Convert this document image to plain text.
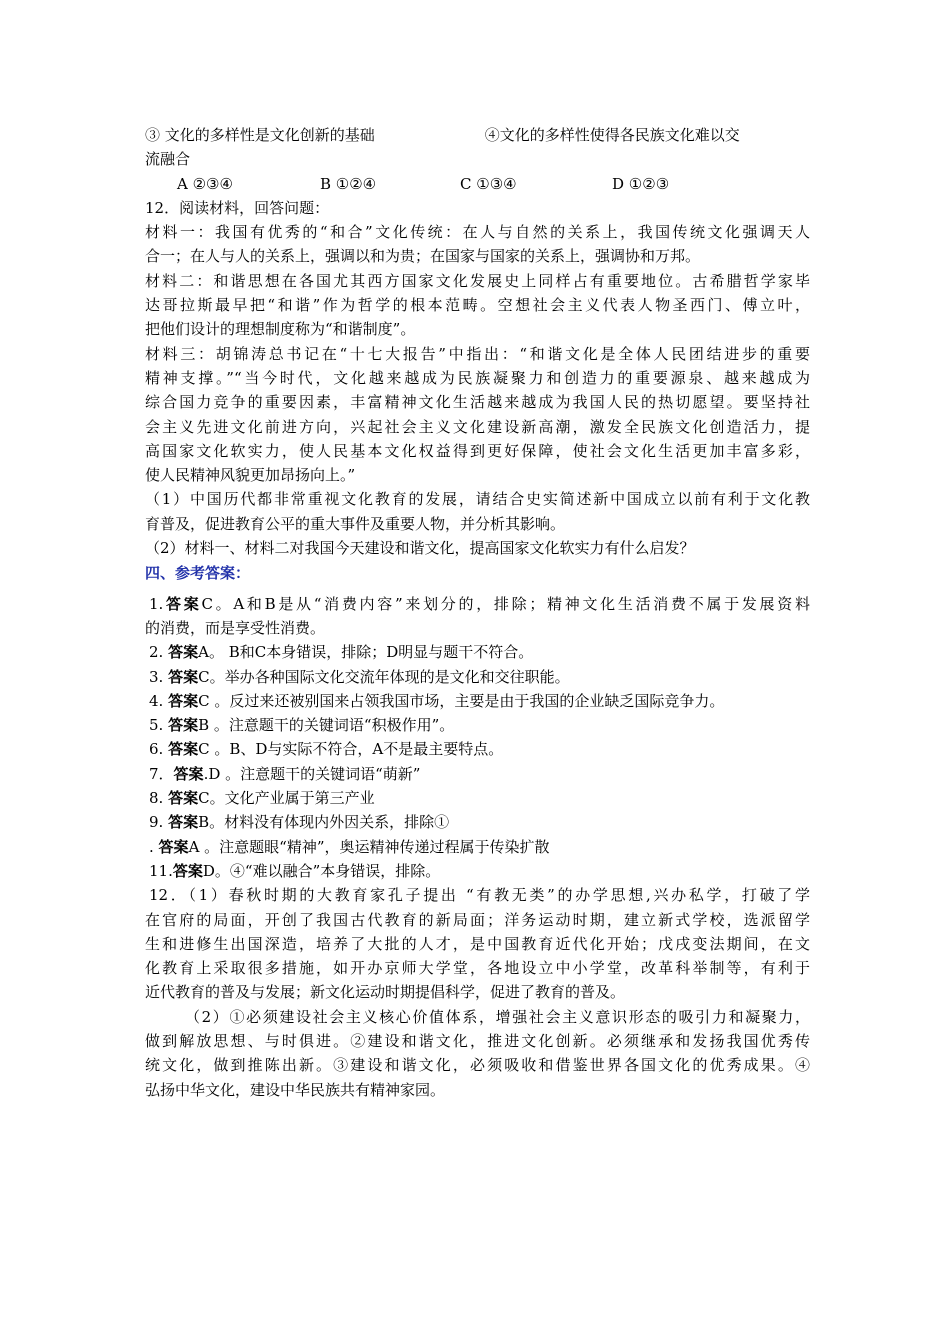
③ 文化的多样性是文化创新的基础	④文化的多样性使得各民族文化难以交
流融合
A ②③④	B ①②④	C ①③④	D ①②③
12．阅读材料，回答问题：
材料一：我国有优秀的“和合”文化传统：在人与自然的关系上，我国传统文化强调天人
合一；在人与人的关系上，强调以和为贵；在国家与国家的关系上，强调协和万邦。
材料二：和谐思想在各国尤其西方国家文化发展史上同样占有重要地位。古希腊哲学家毕
达哥拉斯最早把“和谐”作为哲学的根本范畴。空想社会主义代表人物圣西门、傅立叶，
把他们设计的理想制度称为“和谐制度”。
材料三：胡锦涛总书记在“十七大报告”中指出：“和谐文化是全体人民团结进步的重要
精神支撑。”“当今时代，文化越来越成为民族凝聚力和创造力的重要源泉、越来越成为
综合国力竞争的重要因素，丰富精神文化生活越来越成为我国人民的热切愿望。要坚持社
会主义先进文化前进方向，兴起社会主义文化建设新高潮，激发全民族文化创造活力，提
高国家文化软实力，使人民基本文化权益得到更好保障，使社会文化生活更加丰富多彩，
使人民精神风貌更加昂扬向上。”
（1）中国历代都非常重视文化教育的发展，请结合史实简述新中国成立以前有利于文化教
育普及，促进教育公平的重大事件及重要人物，并分析其影响。
（2）材料一、材料二对我国今天建设和谐文化，提高国家文化软实力有什么启发？
四、参考答案：
1.答案C。A和B是从“消费内容”来划分的，排除；精神文化生活消费不属于发展资料
的消费，而是享受性消费。
2. 答案A。 B和C本身错误，排除；D明显与题干不符合。
3. 答案C。举办各种国际文化交流年体现的是文化和交往职能。
4. 答案C 。反过来还被别国来占领我国市场，主要是由于我国的企业缺乏国际竞争力。
5. 答案B 。注意题干的关键词语“积极作用”。
6. 答案C 。B、D与实际不符合，A不是最主要特点。
7．答案.D 。注意题干的关键词语“萌新”
8. 答案C。文化产业属于第三产业
9. 答案B。材料没有体现内外因关系，排除①
. 答案A 。注意题眼“精神”，奥运精神传递过程属于传染扩散
11.答案D。④“难以融合”本身错误，排除。
12．（1）春秋时期的大教育家孔子提出 “有教无类”的办学思想,兴办私学，打破了学
在官府的局面，开创了我国古代教育的新局面；洋务运动时期，建立新式学校，选派留学
生和进修生出国深造，培养了大批的人才，是中国教育近代化开始；戊戌变法期间，在文
化教育上采取很多措施，如开办京师大学堂，各地设立中小学堂，改革科举制等，有利于
近代教育的普及与发展；新文化运动时期提倡科学，促进了教育的普及。
（2）①必须建设社会主义核心价值体系，增强社会主义意识形态的吸引力和凝聚力，
做到解放思想、与时俱进。②建设和谐文化，推进文化创新。必须继承和发扬我国优秀传
统文化，做到推陈出新。③建设和谐文化，必须吸收和借鉴世界各国文化的优秀成果。④
弘扬中华文化，建设中华民族共有精神家园。
